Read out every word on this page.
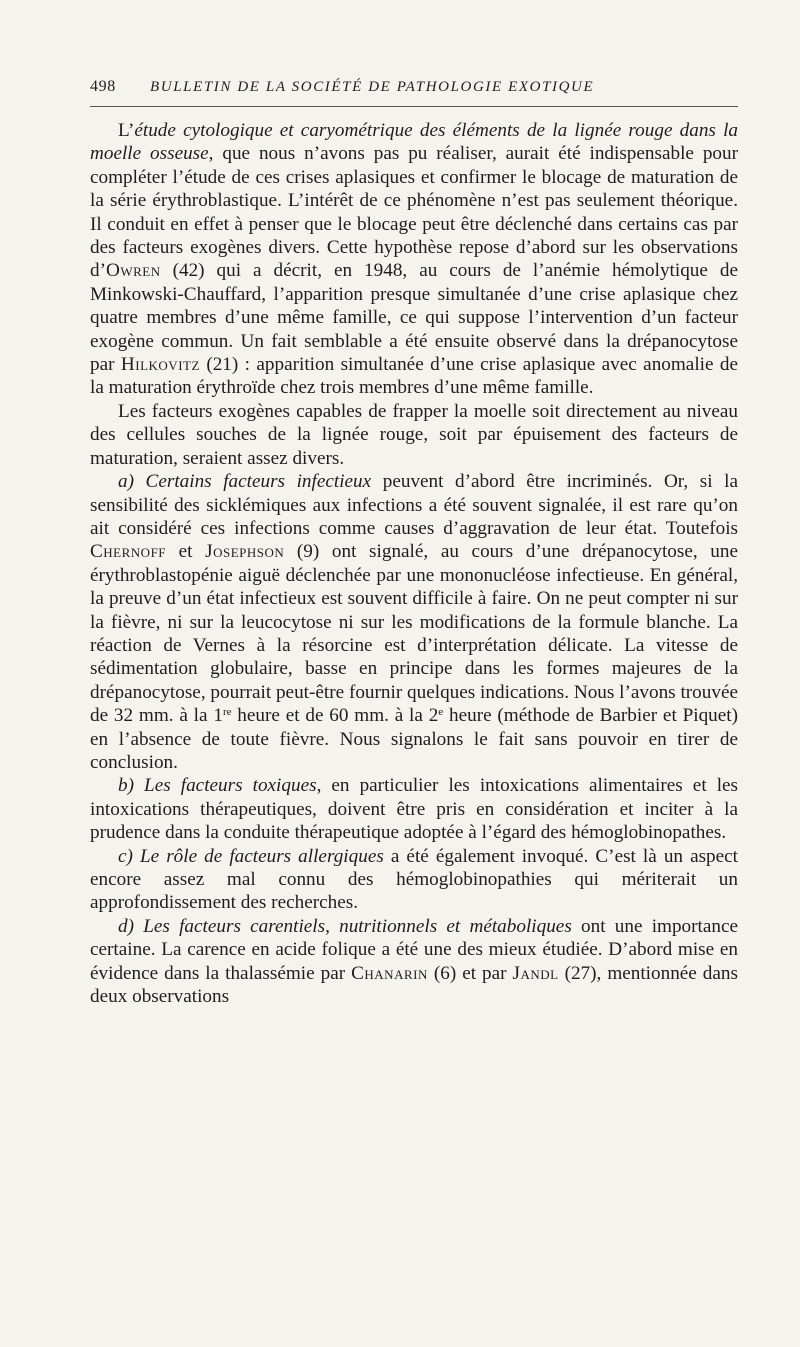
498	BULLETIN DE LA SOCIÉTÉ DE PATHOLOGIE EXOTIQUE

L’étude cytologique et caryométrique des éléments de la lignée rouge dans la moelle osseuse, que nous n’avons pas pu réaliser, aurait été indispensable pour compléter l’étude de ces crises aplasiques et confirmer le blocage de maturation de la série érythroblastique. L’intérêt de ce phénomène n’est pas seulement théorique. Il conduit en effet à penser que le blocage peut être déclenché dans certains cas par des facteurs exogènes divers. Cette hypothèse repose d’abord sur les observations d’Owren (42) qui a décrit, en 1948, au cours de l’anémie hémolytique de Minkowski-Chauffard, l’apparition presque simultanée d’une crise aplasique chez quatre membres d’une même famille, ce qui suppose l’intervention d’un facteur exogène commun. Un fait semblable a été ensuite observé dans la drépanocytose par Hilkovitz (21) : apparition simultanée d’une crise aplasique avec anomalie de la maturation érythroïde chez trois membres d’une même famille.

Les facteurs exogènes capables de frapper la moelle soit directement au niveau des cellules souches de la lignée rouge, soit par épuisement des facteurs de maturation, seraient assez divers.

a) Certains facteurs infectieux peuvent d’abord être incriminés. Or, si la sensibilité des sicklémiques aux infections a été souvent signalée, il est rare qu’on ait considéré ces infections comme causes d’aggravation de leur état. Toutefois Chernoff et Josephson (9) ont signalé, au cours d’une drépanocytose, une érythroblastopénie aiguë déclenchée par une mononucléose infectieuse. En général, la preuve d’un état infectieux est souvent difficile à faire. On ne peut compter ni sur la fièvre, ni sur la leucocytose ni sur les modifications de la formule blanche. La réaction de Vernes à la résorcine est d’interprétation délicate. La vitesse de sédimentation globulaire, basse en principe dans les formes majeures de la drépanocytose, pourrait peut-être fournir quelques indications. Nous l’avons trouvée de 32 mm. à la 1re heure et de 60 mm. à la 2e heure (méthode de Barbier et Piquet) en l’absence de toute fièvre. Nous signalons le fait sans pouvoir en tirer de conclusion.

b) Les facteurs toxiques, en particulier les intoxications alimentaires et les intoxications thérapeutiques, doivent être pris en considération et inciter à la prudence dans la conduite thérapeutique adoptée à l’égard des hémoglobinopathes.

c) Le rôle de facteurs allergiques a été également invoqué. C’est là un aspect encore assez mal connu des hémoglobinopathies qui mériterait un approfondissement des recherches.

d) Les facteurs carentiels, nutritionnels et métaboliques ont une importance certaine. La carence en acide folique a été une des mieux étudiée. D’abord mise en évidence dans la thalassémie par Chanarin (6) et par Jandl (27), mentionnée dans deux observations
